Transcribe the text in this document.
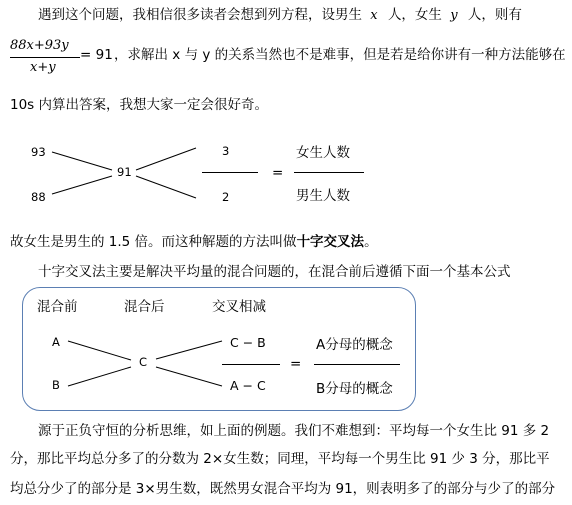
遇到这个问题，我相信很多读者会想到列方程，设男生 x 人，女生 y 人，则有
88x+93y
x+y
= 91 ，求解出 x 与 y 的关系当然也不是难事，但是若是给你讲有一种方法能够在
10s 内算出答案，我想大家一定会很好奇。
93
88
91
3
2
=
女生人数
男生人数
故女生是男生的 1.5 倍。而这种解题的方法叫做十字交叉法。
十字交叉法主要是解决平均量的混合问题的，在混合前后遵循下面一个基本公式
混合前	混合后	交叉相减
A
B
C
C − B
A − C
=
A分母的概念
B分母的概念
源于正负守恒的分析思维，如上面的例题。我们不难想到：平均每一个女生比 91 多 2
分，那比平均总分多了的分数为 2×女生数；同理，平均每一个男生比 91 少 3 分，那比平
均总分少了的部分是 3×男生数，既然男女混合平均为 91，则表明多了的部分与少了的部分
